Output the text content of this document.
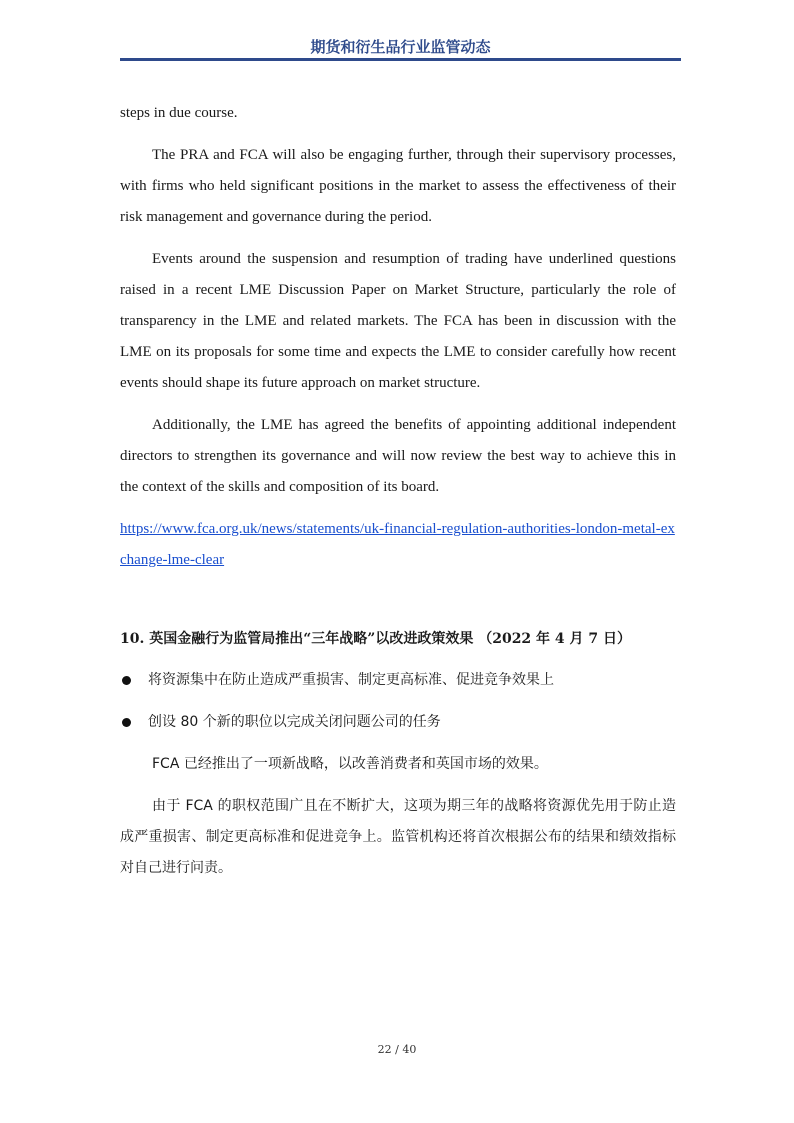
期货和衍生品行业监管动态

steps in due course.

The PRA and FCA will also be engaging further, through their supervisory processes, with firms who held significant positions in the market to assess the effectiveness of their risk management and governance during the period.

Events around the suspension and resumption of trading have underlined questions raised in a recent LME Discussion Paper on Market Structure, particularly the role of transparency in the LME and related markets. The FCA has been in discussion with the LME on its proposals for some time and expects the LME to consider carefully how recent events should shape its future approach on market structure.

Additionally, the LME has agreed the benefits of appointing additional independent directors to strengthen its governance and will now review the best way to achieve this in the context of the skills and composition of its board.

https://www.fca.org.uk/news/statements/uk-financial-regulation-authorities-london-metal-exchange-lme-clear
10. 英国金融行为监管局推出“三年战略”以改进政策效果 （2022 年 4 月 7 日）
将资源集中在防止造成严重损害、制定更高标准、促进竞争效果上
创设 80 个新的职位以完成关闭问题公司的任务

FCA 已经推出了一项新战略，以改善消费者和英国市场的效果。

由于 FCA 的职权范围广且在不断扩大，这项为期三年的战略将资源优先用于防止造成严重损害、制定更高标准和促进竞争上。监管机构还将首次根据公布的结果和绩效指标对自己进行问责。

22 / 40
